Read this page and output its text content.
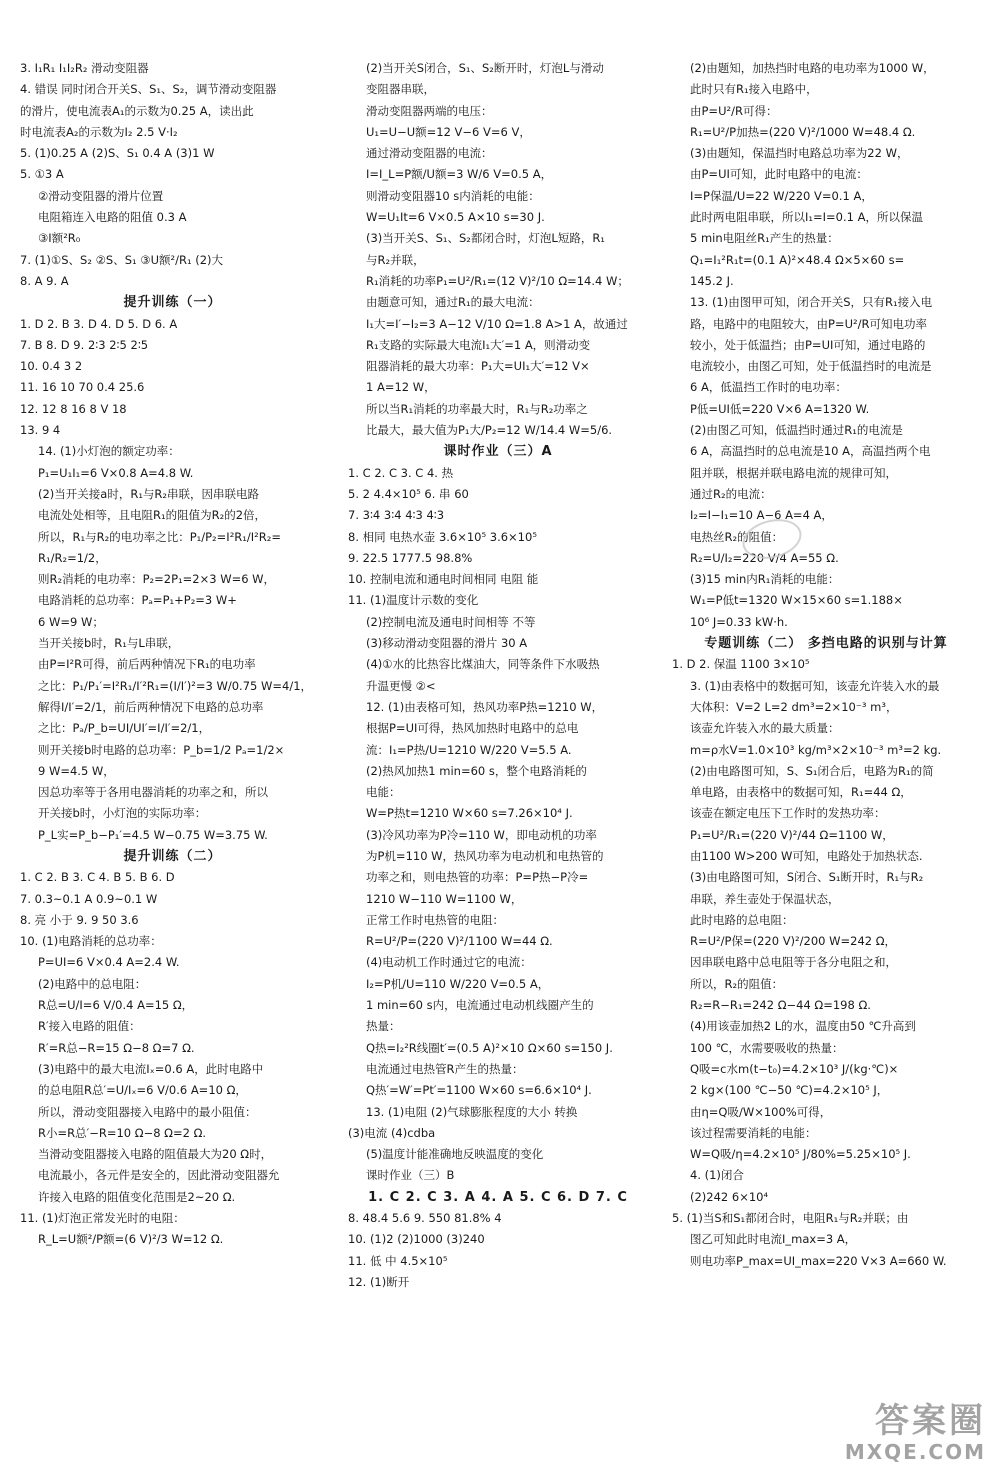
3. I₁R₁ I₁I₂R₂ 滑动变阻器
4. 错误 同时闭合开关S、S₁、S₂，调节滑动变阻器
的滑片，使电流表A₁的示数为0.25 A，读出此
时电流表A₂的示数为I₂ 2.5 V·I₂
5. (1)0.25 A (2)S、S₁ 0.4 A (3)1 W
5. ①3 A
②滑动变阻器的滑片位置
电阻箱连入电路的阻值 0.3 A
③I额²R₀
7. (1)①S、S₂ ②S、S₁ ③U额²/R₁ (2)大
8. A 9. A
提升训练（一）
1. D 2. B 3. D 4. D 5. D 6. A
7. B 8. D 9. 2∶3 2∶5 2∶5
10. 0.4 3 2
11. 16 10 70 0.4 25.6
12. 12 8 16 8 V 18
13. 9 4
14. (1)小灯泡的额定功率：
P₁=U₁I₁=6 V×0.8 A=4.8 W.
(2)当开关接a时，R₁与R₂串联，因串联电路
电流处处相等，且电阻R₁的阻值为R₂的2倍，
所以，R₁与R₂的电功率之比：P₁/P₂=I²R₁/I²R₂=
R₁/R₂=1/2，
则R₂消耗的电功率：P₂=2P₁=2×3 W=6 W，
电路消耗的总功率：Pₐ=P₁+P₂=3 W+
6 W=9 W；
当开关接b时，R₁与L串联，
由P=I²R可得，前后两种情况下R₁的电功率
之比：P₁/P₁′=I²R₁/I′²R₁=(I/I′)²=3 W/0.75 W=4/1，
解得I/I′=2/1，前后两种情况下电路的总功率
之比：Pₐ/P_b=UI/UI′=I/I′=2/1，
则开关接b时电路的总功率：P_b=1/2 Pₐ=1/2×
9 W=4.5 W，
因总功率等于各用电器消耗的功率之和，所以
开关接b时，小灯泡的实际功率：
P_L实=P_b−P₁′=4.5 W−0.75 W=3.75 W.
提升训练（二）
1. C 2. B 3. C 4. B 5. B 6. D
7. 0.3~0.1 A 0.9~0.1 W
8. 亮 小于 9. 9 50 3.6
10. (1)电路消耗的总功率：
P=UI=6 V×0.4 A=2.4 W.
(2)电路中的总电阻：
R总=U/I=6 V/0.4 A=15 Ω，
R′接入电路的阻值：
R′=R总−R=15 Ω−8 Ω=7 Ω.
(3)电路中的最大电流Iₓ=0.6 A，此时电路中
的总电阻R总′=U/Iₓ=6 V/0.6 A=10 Ω，
所以，滑动变阻器接入电路中的最小阻值：
R小=R总′−R=10 Ω−8 Ω=2 Ω.
当滑动变阻器接入电路的阻值最大为20 Ω时，
电流最小，各元件是安全的，因此滑动变阻器允
许接入电路的阻值变化范围是2~20 Ω.
11. (1)灯泡正常发光时的电阻：
R_L=U额²/P额=(6 V)²/3 W=12 Ω.
(2)当开关S闭合，S₁、S₂断开时，灯泡L与滑动
变阻器串联，
滑动变阻器两端的电压：
U₁=U−U额=12 V−6 V=6 V，
通过滑动变阻器的电流：
I=I_L=P额/U额=3 W/6 V=0.5 A，
则滑动变阻器10 s内消耗的电能：
W=U₁It=6 V×0.5 A×10 s=30 J.
(3)当开关S、S₁、S₂都闭合时，灯泡L短路，R₁
与R₂并联，
R₁消耗的功率P₁=U²/R₁=(12 V)²/10 Ω=14.4 W；
由题意可知，通过R₁的最大电流：
I₁大=I′−I₂=3 A−12 V/10 Ω=1.8 A>1 A，故通过
R₁支路的实际最大电流I₁大′=1 A，则滑动变
阻器消耗的最大功率：P₁大=UI₁大′=12 V×
1 A=12 W，
所以当R₁消耗的功率最大时，R₁与R₂功率之
比最大，最大值为P₁大/P₂=12 W/14.4 W=5/6.
课时作业（三）A
1. C 2. C 3. C 4. 热
5. 2 4.4×10⁵ 6. 串 60
7. 3∶4 3∶4 4∶3 4∶3
8. 相同 电热水壶 3.6×10⁵ 3.6×10⁵
9. 22.5 1777.5 98.8%
10. 控制电流和通电时间相同 电阻 能
11. (1)温度计示数的变化
(2)控制电流及通电时间相等 不等
(3)移动滑动变阻器的滑片 30 A
(4)①水的比热容比煤油大，同等条件下水吸热
升温更慢 ②<
12. (1)由表格可知，热风功率P热=1210 W，
根据P=UI可得，热风加热时电路中的总电
流：I₁=P热/U=1210 W/220 V=5.5 A.
(2)热风加热1 min=60 s，整个电路消耗的
电能：
W=P热t=1210 W×60 s=7.26×10⁴ J.
(3)冷风功率为P冷=110 W，即电动机的功率
为P机=110 W，热风功率为电动机和电热管的
功率之和，则电热管的功率：P=P热−P冷=
1210 W−110 W=1100 W，
正常工作时电热管的电阻：
R=U²/P=(220 V)²/1100 W=44 Ω.
(4)电动机工作时通过它的电流：
I₂=P机/U=110 W/220 V=0.5 A，
1 min=60 s内，电流通过电动机线圈产生的
热量：
Q热=I₂²R线圈t′=(0.5 A)²×10 Ω×60 s=150 J.
电流通过电热管R产生的热量：
Q热′=W′=Pt′=1100 W×60 s=6.6×10⁴ J.
13. (1)电阻 (2)气球膨胀程度的大小 转换
(3)电流 (4)cdba
(5)温度计能准确地反映温度的变化
课时作业（三）B
1. C 2. C 3. A 4. A 5. C 6. D 7. C
8. 48.4 5.6 9. 550 81.8% 4
10. (1)2 (2)1000 (3)240
11. 低 中 4.5×10⁵
12. (1)断开
(2)由题知，加热挡时电路的电功率为1000 W，
此时只有R₁接入电路中，
由P=U²/R可得：
R₁=U²/P加热=(220 V)²/1000 W=48.4 Ω.
(3)由题知，保温挡时电路总功率为22 W，
由P=UI可知，此时电路中的电流：
I=P保温/U=22 W/220 V=0.1 A，
此时两电阻串联，所以I₁=I=0.1 A，所以保温
5 min电阻丝R₁产生的热量：
Q₁=I₁²R₁t=(0.1 A)²×48.4 Ω×5×60 s=
145.2 J.
13. (1)由图甲可知，闭合开关S，只有R₁接入电
路，电路中的电阻较大，由P=U²/R可知电功率
较小，处于低温挡；由P=UI可知，通过电路的
电流较小，由图乙可知，处于低温挡时的电流是
6 A，低温挡工作时的电功率：
P低=UI低=220 V×6 A=1320 W.
(2)由图乙可知，低温挡时通过R₁的电流是
6 A，高温挡时的总电流是10 A，高温挡两个电
阻并联，根据并联电路电流的规律可知，
通过R₂的电流：
I₂=I−I₁=10 A−6 A=4 A，
电热丝R₂的阻值：
R₂=U/I₂=220 V/4 A=55 Ω.
(3)15 min内R₁消耗的电能：
W₁=P低t=1320 W×15×60 s=1.188×
10⁶ J=0.33 kW·h.
专题训练（二） 多挡电路的识别与计算
1. D 2. 保温 1100 3×10⁵
3. (1)由表格中的数据可知，该壶允许装入水的最
大体积：V=2 L=2 dm³=2×10⁻³ m³，
该壶允许装入水的最大质量：
m=ρ水V=1.0×10³ kg/m³×2×10⁻³ m³=2 kg.
(2)由电路图可知，S、S₁闭合后，电路为R₁的简
单电路，由表格中的数据可知，R₁=44 Ω，
该壶在额定电压下工作时的发热功率：
P₁=U²/R₁=(220 V)²/44 Ω=1100 W，
由1100 W>200 W可知，电路处于加热状态.
(3)由电路图可知，S闭合、S₁断开时，R₁与R₂
串联，养生壶处于保温状态，
此时电路的总电阻：
R=U²/P保=(220 V)²/200 W=242 Ω，
因串联电路中总电阻等于各分电阻之和，
所以，R₂的阻值：
R₂=R−R₁=242 Ω−44 Ω=198 Ω.
(4)用该壶加热2 L的水，温度由50 ℃升高到
100 ℃，水需要吸收的热量：
Q吸=c水m(t−t₀)=4.2×10³ J/(kg·℃)×
2 kg×(100 ℃−50 ℃)=4.2×10⁵ J，
由η=Q吸/W×100%可得，
该过程需要消耗的电能：
W=Q吸/η=4.2×10⁵ J/80%=5.25×10⁵ J.
4. (1)闭合
(2)242 6×10⁴
5. (1)当S和S₁都闭合时，电阻R₁与R₂并联；由
图乙可知此时电流I_max=3 A，
则电功率P_max=UI_max=220 V×3 A=660 W.
答案圈
MXQE.COM
